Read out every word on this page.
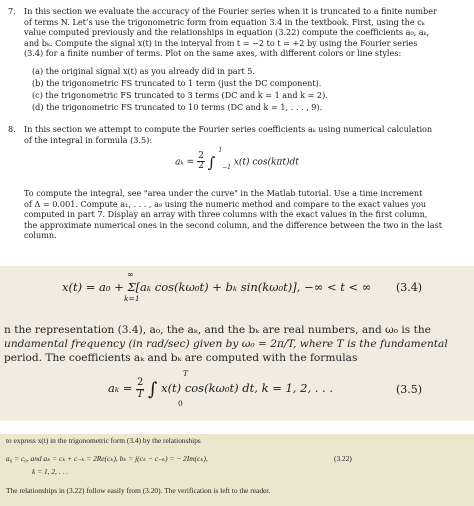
7. In this section we evaluate the accuracy of the Fourier series when it is truncated to a finite number
of terms N. Let’s use the trigonometric form from equation 3.4 in the textbook. First, using the cₖ
value computed previously and the relationships in equation (3.22) compute the coefficients a₀, aₖ,
and bₖ. Compute the signal x(t) in the interval from t = −2 to t = +2 by using the Fourier series
(3.4) for a finite number of terms. Plot on the same axes, with different colors or line styles:
(a) the original signal x(t) as you already did in part 5.
(b) the trigonometric FS truncated to 1 term (just the DC component).
(c) the trigonometric FS truncated to 3 terms (DC and k = 1 and k = 2).
(d) the trigonometric FS truncated to 10 terms (DC and k = 1, . . . , 9).
8. In this section we attempt to compute the Fourier series coefficients aₖ using numerical calculation
of the integral in formula (3.5):
$a_k = \frac{2}{2}$ ∫ $^1$ $_{-1}$ x(t) cos(kπt)dt
To compute the integral, see "area under the curve" in the Matlab tutorial. Use a time increment
of Δ = 0.001. Compute a₁, . . . , a₉ using the numeric method and compare to the exact values you
computed in part 7. Display an array with three columns with the exact values in the first column,
the approximate numerical ones in the second column, and the difference between the two in the last
column.
x(t) = a₀ + Σ[aₖ cos(kω₀t) + bₖ sin(kω₀t)], −∞ < t < ∞
∞
k=1
(3.4)
n the representation (3.4), a₀, the aₖ, and the bₖ are real numbers, and ω₀ is the
undamental frequency (in rad/sec) given by ω₀ = 2π/T, where T is the fundamental
period. The coefficients aₖ and bₖ are computed with the formulas
$a_k = \frac{2}{T}$ ∫ x(t) cos(kω₀t) dt, k = 1, 2, . . .
T
0
(3.5)
to express x(t) in the trigonometric form (3.4) by the relationships
a₀ = c₀, and aₖ = cₖ + c₋ₖ = 2Re(cₖ), bₖ = j(cₖ − c₋ₖ) = − 2Im(cₖ),	(3.22)
k = 1, 2, . . .
The relationships in (3.22) follow easily from (3.20). The verification is left to the reader.
